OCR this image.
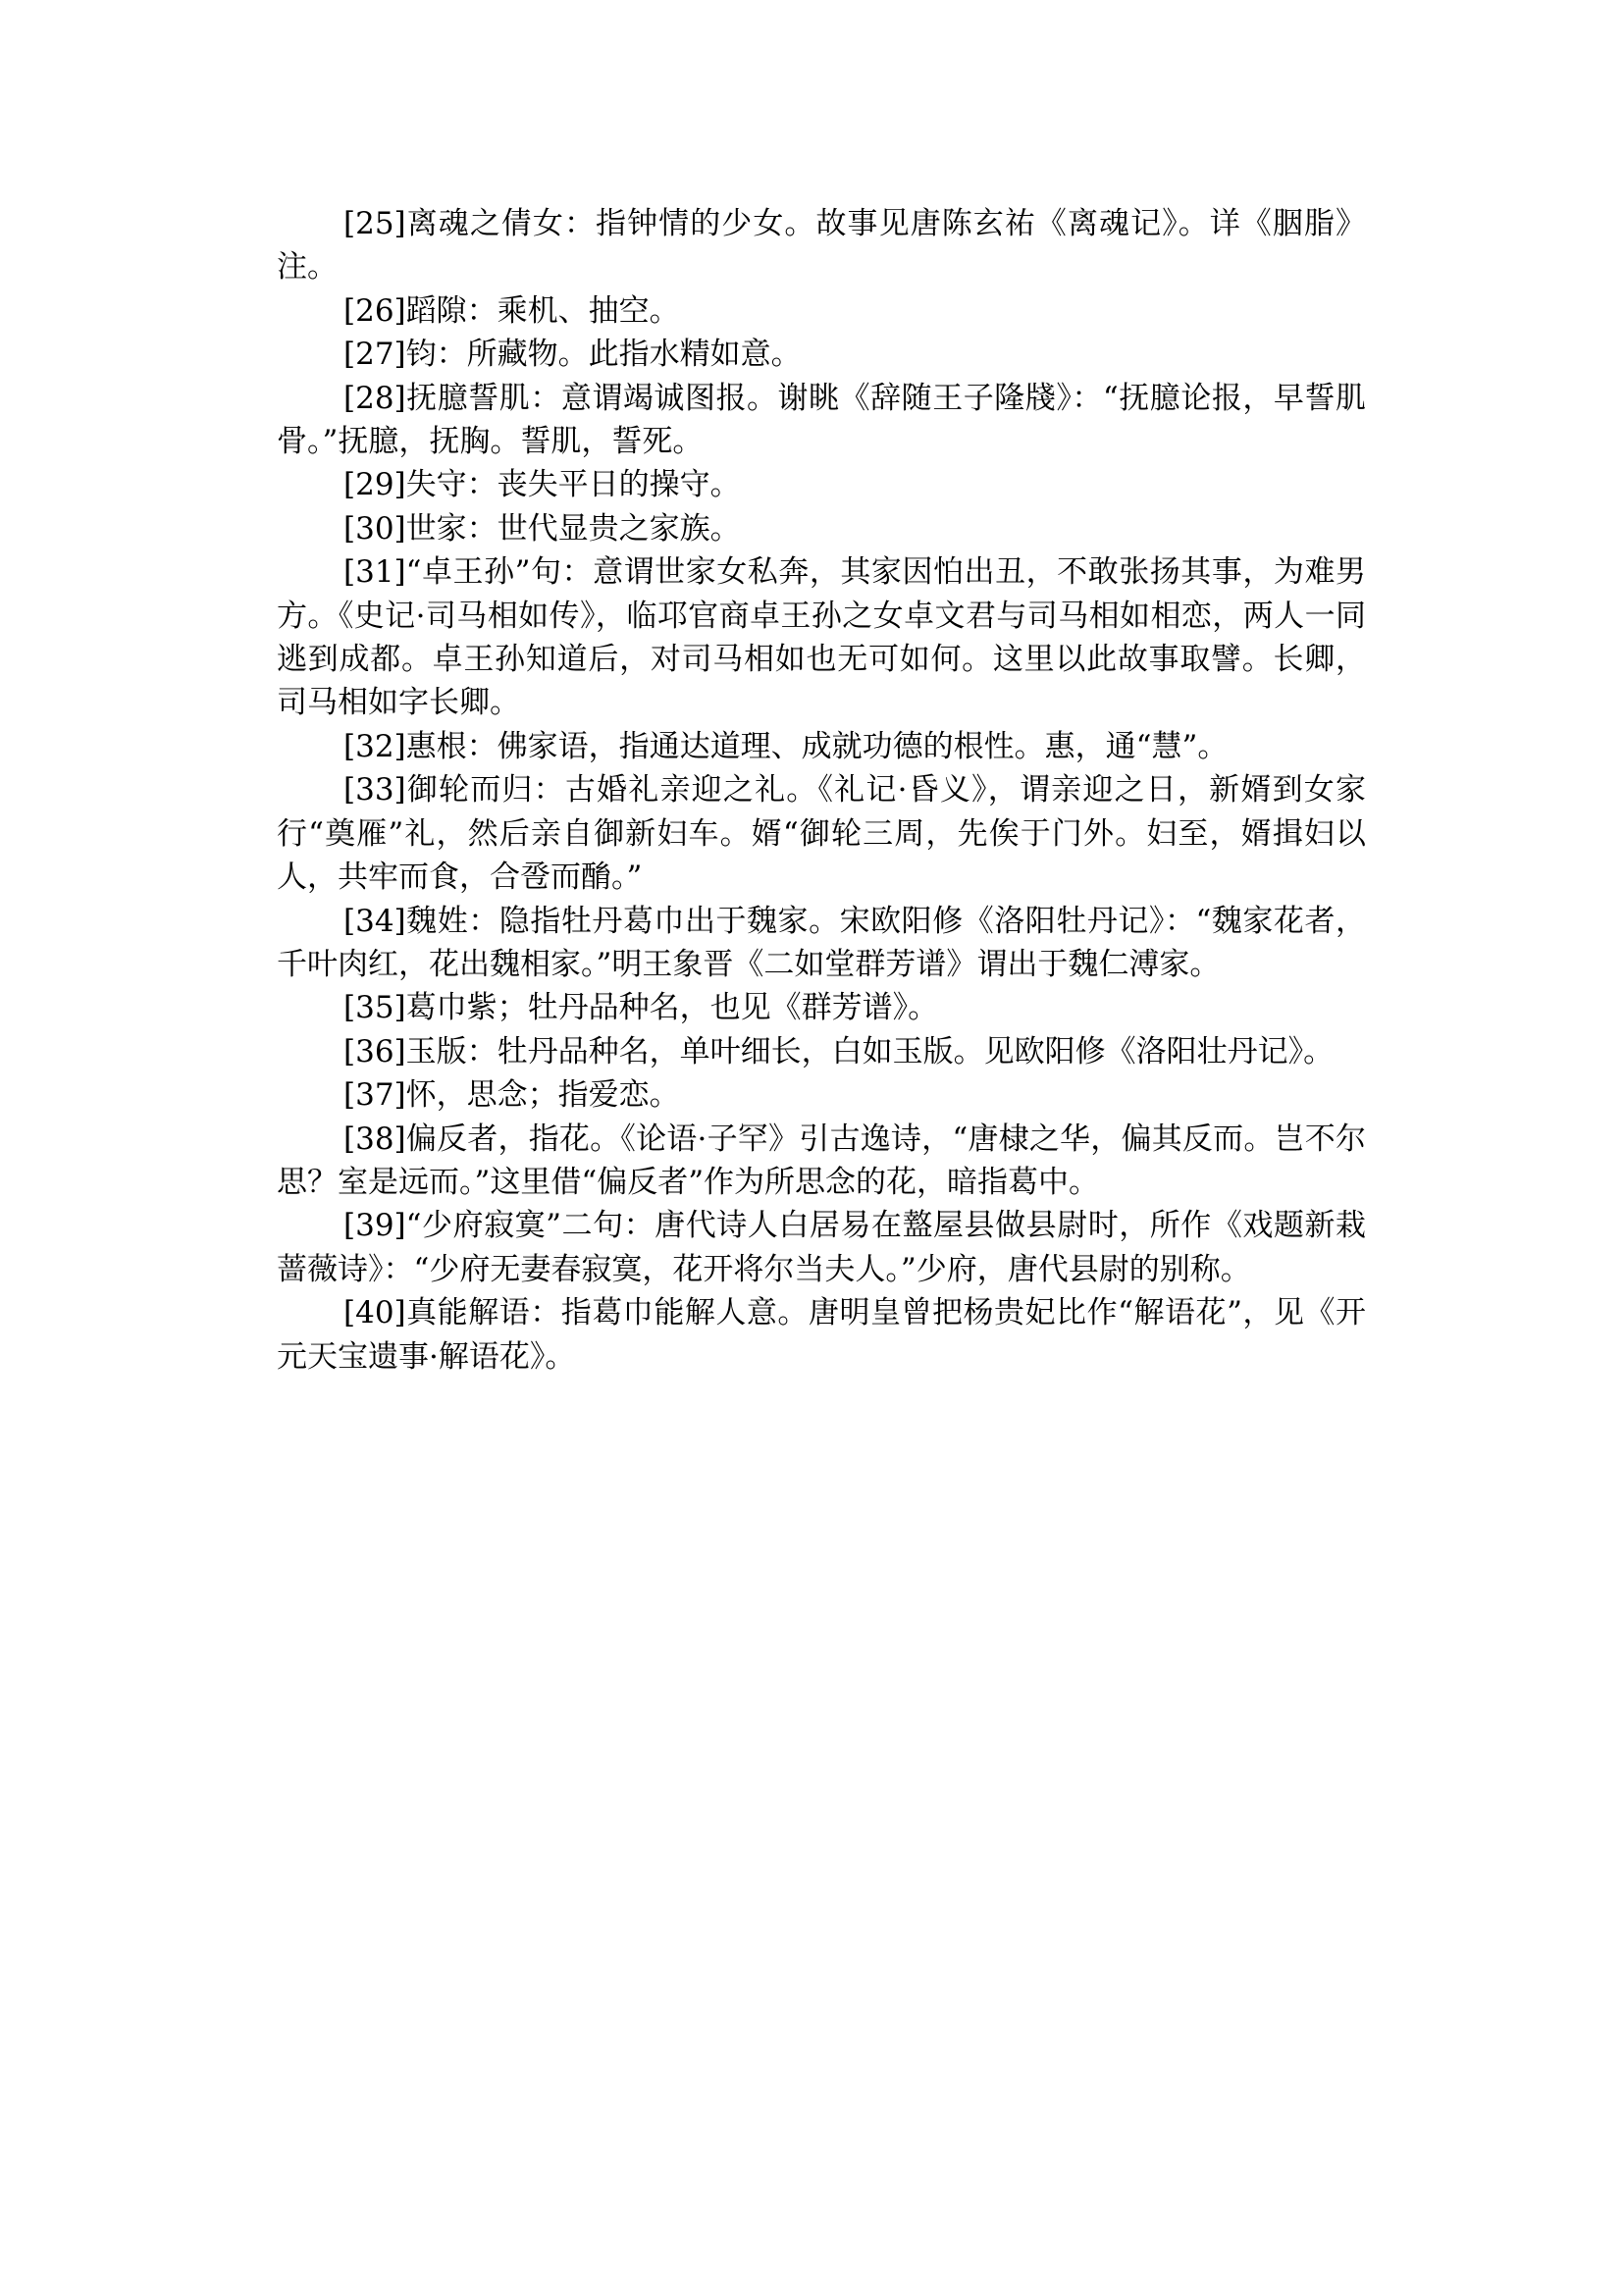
[25]离魂之倩女：指钟情的少女。故事见唐陈玄祐《离魂记》。详《胭脂》注。

[26]蹈隙：乘机、抽空。

[27]钧：所藏物。此指水精如意。

[28]抚臆誓肌：意谓竭诚图报。谢眺《辞随王子隆牋》：“抚臆论报，早誓肌骨。”抚臆，抚胸。誓肌，誓死。

[29]失守：丧失平日的操守。

[30]世家：世代显贵之家族。

[31]“卓王孙”句：意谓世家女私奔，其家因怕出丑，不敢张扬其事，为难男方。《史记·司马相如传》，临邛官商卓王孙之女卓文君与司马相如相恋，两人一同逃到成都。卓王孙知道后，对司马相如也无可如何。这里以此故事取譬。长卿，司马相如字长卿。

[32]惠根：佛家语，指通达道理、成就功德的根性。惠，通“慧”。

[33]御轮而归：古婚礼亲迎之礼。《礼记·昏义》，谓亲迎之日，新婿到女家行“奠雁”礼，然后亲自御新妇车。婿“御轮三周，先俟于门外。妇至，婿揖妇以人，共牢而食，合卺而酳。”

[34]魏姓：隐指牡丹葛巾出于魏家。宋欧阳修《洛阳牡丹记》：“魏家花者，千叶肉红，花出魏相家。”明王象晋《二如堂群芳谱》谓出于魏仁溥家。

[35]葛巾紫；牡丹品种名，也见《群芳谱》。

[36]玉版：牡丹品种名，单叶细长，白如玉版。见欧阳修《洛阳壮丹记》。

[37]怀，思念；指爱恋。

[38]偏反者，指花。《论语·子罕》引古逸诗，“唐棣之华，偏其反而。岂不尔思？室是远而。”这里借“偏反者”作为所思念的花，暗指葛中。

[39]“少府寂寞”二句：唐代诗人白居易在盩屋县做县尉时，所作《戏题新栽蔷薇诗》：“少府无妻春寂寞，花开将尔当夫人。”少府，唐代县尉的别称。

[40]真能解语：指葛巾能解人意。唐明皇曾把杨贵妃比作“解语花”，见《开元天宝遗事·解语花》。
